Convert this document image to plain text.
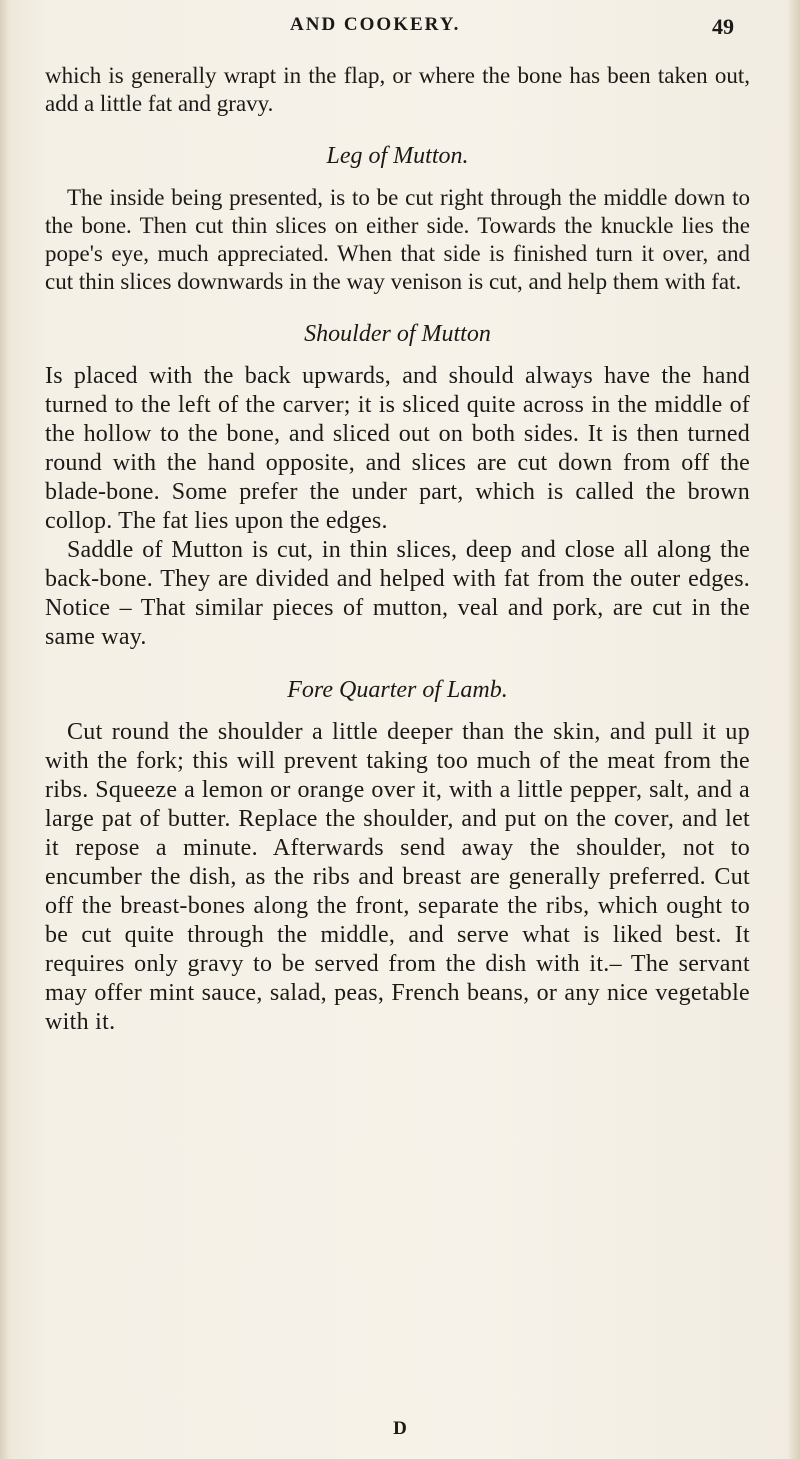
AND COOKERY.	49

which is generally wrapt in the flap, or where the bone has been taken out, add a little fat and gravy.

Leg of Mutton.

The inside being presented, is to be cut right through the middle down to the bone. Then cut thin slices on either side. Towards the knuckle lies the pope's eye, much appreciated. When that side is finished turn it over, and cut thin slices downwards in the way venison is cut, and help them with fat.

Shoulder of Mutton

Is placed with the back upwards, and should always have the hand turned to the left of the carver; it is sliced quite across in the middle of the hollow to the bone, and sliced out on both sides. It is then turned round with the hand opposite, and slices are cut down from off the blade-bone. Some prefer the under part, which is called the brown collop. The fat lies upon the edges.

Saddle of Mutton is cut, in thin slices, deep and close all along the back-bone. They are divided and helped with fat from the outer edges. Notice – That similar pieces of mutton, veal and pork, are cut in the same way.

Fore Quarter of Lamb.

Cut round the shoulder a little deeper than the skin, and pull it up with the fork; this will prevent taking too much of the meat from the ribs. Squeeze a lemon or orange over it, with a little pepper, salt, and a large pat of butter. Replace the shoulder, and put on the cover, and let it repose a minute. Afterwards send away the shoulder, not to encumber the dish, as the ribs and breast are generally preferred. Cut off the breast-bones along the front, separate the ribs, which ought to be cut quite through the middle, and serve what is liked best. It requires only gravy to be served from the dish with it.– The servant may offer mint sauce, salad, peas, French beans, or any nice vegetable with it.

D
